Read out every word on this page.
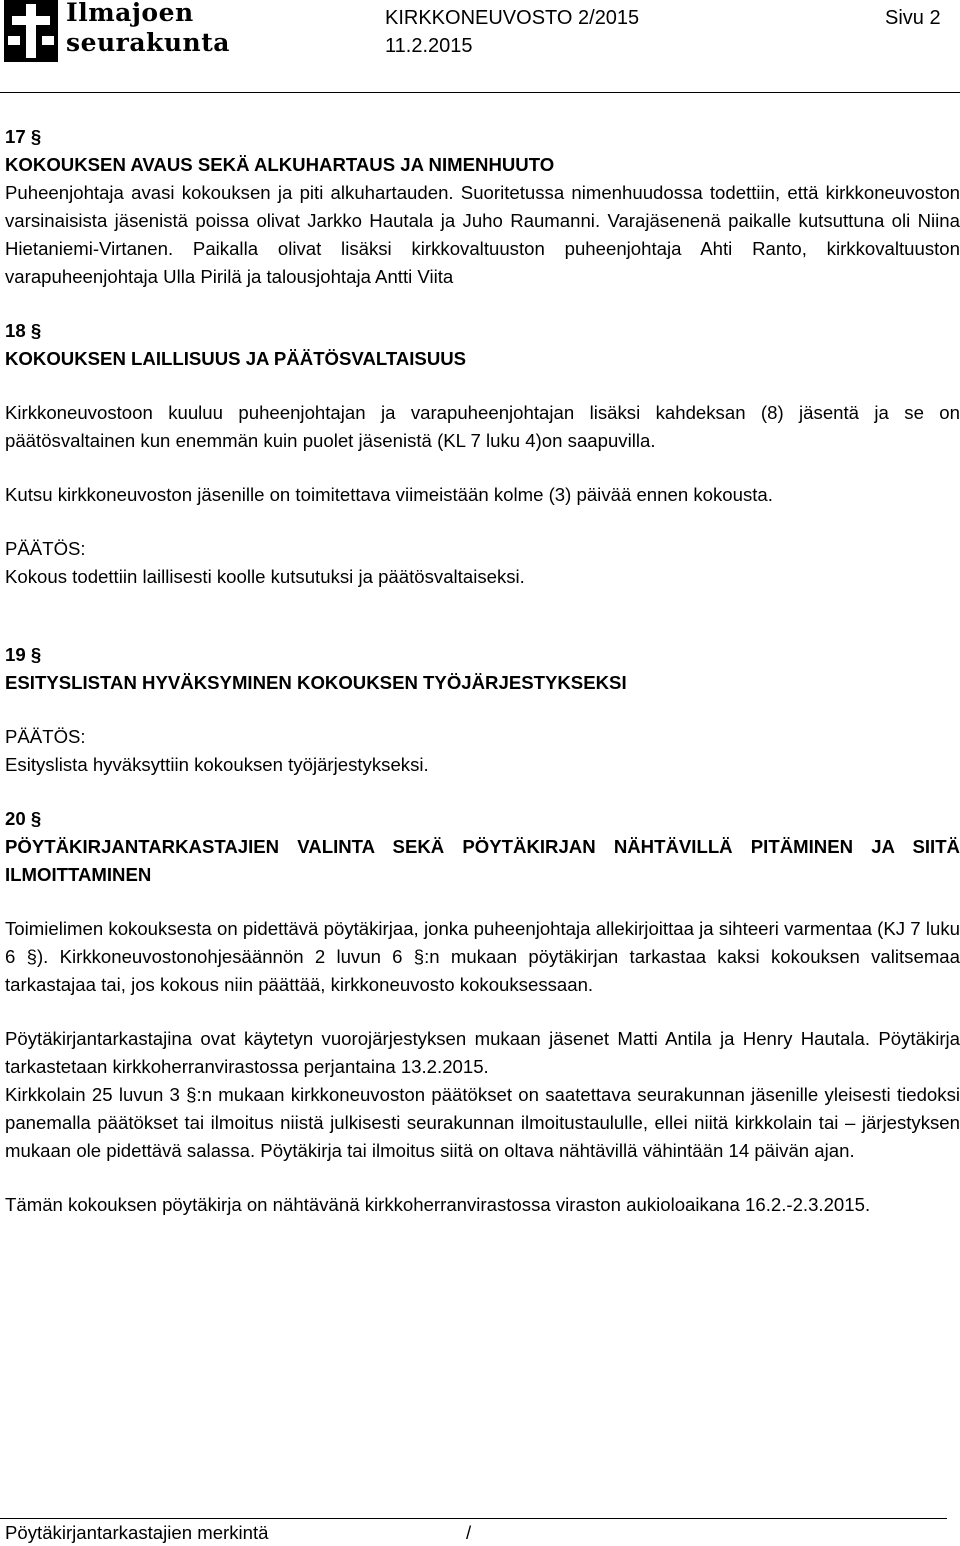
Ilmajoen
seurakunta
KIRKKONEUVOSTO 2/2015
11.2.2015
Sivu 2

17 §

KOKOUKSEN AVAUS SEKÄ ALKUHARTAUS JA NIMENHUUTO

Puheenjohtaja avasi kokouksen ja piti alkuhartauden. Suoritetussa nimenhuudossa todettiin, että kirkkoneuvoston varsinaisista jäsenistä poissa olivat Jarkko Hautala ja Juho Raumanni. Varajäsenenä paikalle kutsuttuna oli Niina Hietaniemi-Virtanen. Paikalla olivat lisäksi kirkkovaltuuston puheenjohtaja Ahti Ranto, kirkkovaltuuston varapuheenjohtaja Ulla Pirilä ja talousjohtaja Antti Viita

18 §

KOKOUKSEN LAILLISUUS JA PÄÄTÖSVALTAISUUS

Kirkkoneuvostoon kuuluu puheenjohtajan ja varapuheenjohtajan lisäksi kahdeksan (8) jäsentä ja se on päätösvaltainen kun enemmän kuin puolet jäsenistä (KL 7 luku 4)on saapuvilla.

Kutsu kirkkoneuvoston jäsenille on toimitettava viimeistään kolme (3) päivää ennen kokousta.

PÄÄTÖS:

Kokous todettiin laillisesti koolle kutsutuksi ja päätösvaltaiseksi.

19 §

ESITYSLISTAN HYVÄKSYMINEN KOKOUKSEN TYÖJÄRJESTYKSEKSI

PÄÄTÖS:

Esityslista hyväksyttiin kokouksen työjärjestykseksi.

20 §

PÖYTÄKIRJANTARKASTAJIEN VALINTA SEKÄ PÖYTÄKIRJAN NÄHTÄVILLÄ PITÄMINEN JA SIITÄ ILMOITTAMINEN

Toimielimen kokouksesta on pidettävä pöytäkirjaa, jonka puheenjohtaja allekirjoittaa ja sihteeri varmentaa (KJ 7 luku 6 §). Kirkkoneuvostonohjesäännön 2 luvun 6 §:n mukaan pöytäkirjan tarkastaa kaksi kokouksen valitsemaa tarkastajaa tai, jos kokous niin päättää, kirkkoneuvosto kokouksessaan.

Pöytäkirjantarkastajina ovat käytetyn vuorojärjestyksen mukaan jäsenet Matti Antila ja Henry Hautala. Pöytäkirja tarkastetaan kirkkoherranvirastossa perjantaina 13.2.2015.

Kirkkolain 25 luvun 3 §:n mukaan kirkkoneuvoston päätökset on saatettava seurakunnan jäsenille yleisesti tiedoksi panemalla päätökset tai ilmoitus niistä julkisesti seurakunnan ilmoitustaululle, ellei niitä kirkkolain tai – järjestyksen mukaan ole pidettävä salassa. Pöytäkirja tai ilmoitus siitä on oltava nähtävillä vähintään 14 päivän ajan.

Tämän kokouksen pöytäkirja on nähtävänä kirkkoherranvirastossa viraston aukioloaikana 16.2.-2.3.2015.

Pöytäkirjantarkastajien merkintä	/
